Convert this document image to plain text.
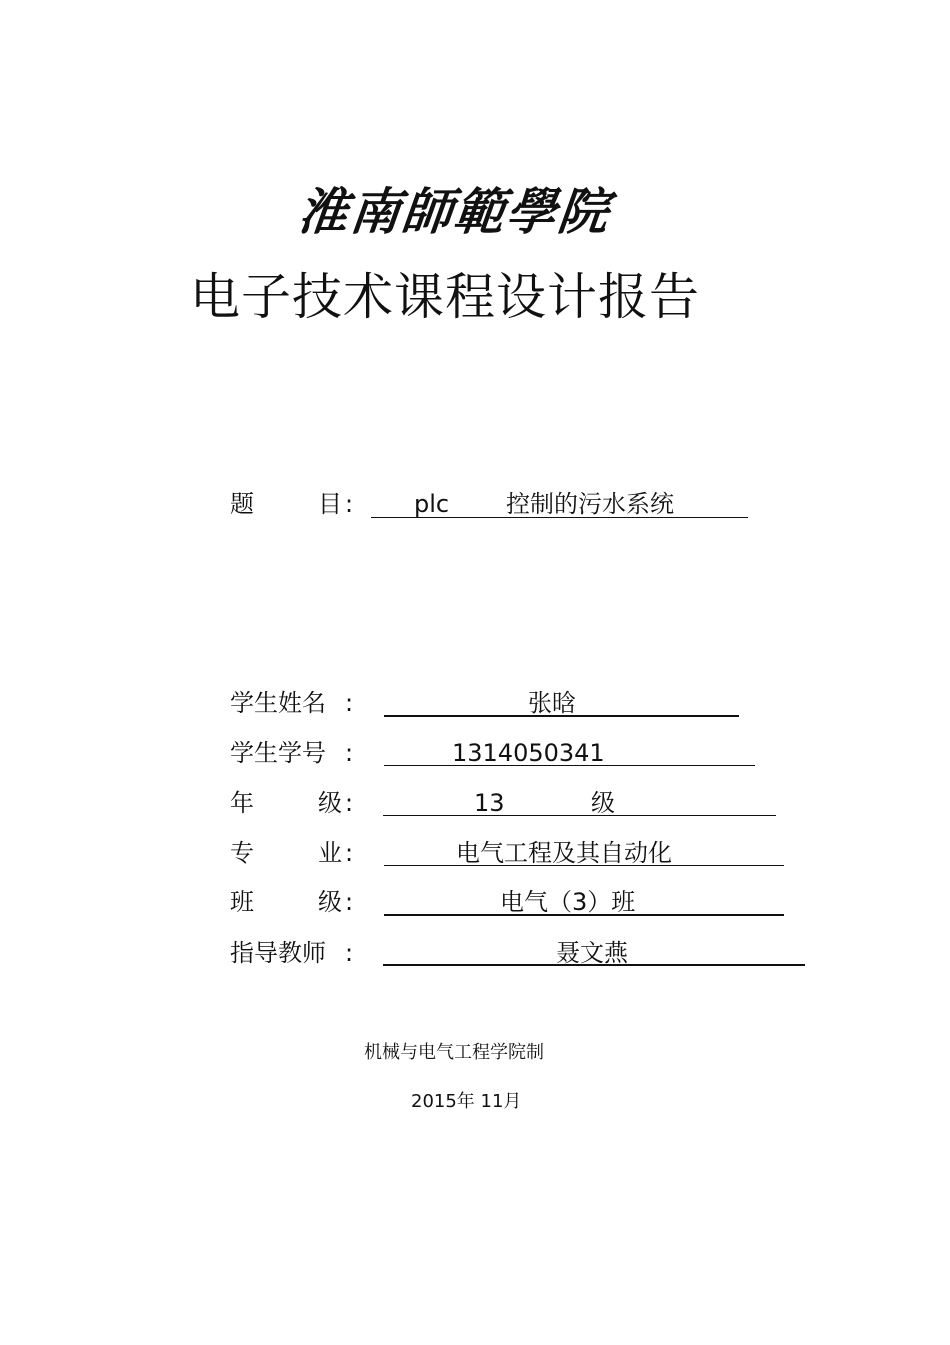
淮南師範學院
电子技术课程设计报告
题	目 :	plc 控制的污水系统
学生姓名 :	张晗
学生学号 :	1314050341
年	级 :	13	级
专	业 :	电气工程及其自动化
班	级 :	电气（3）班
指导教师 :	聂文燕
机械与电气工程学院制
2015年 11月
